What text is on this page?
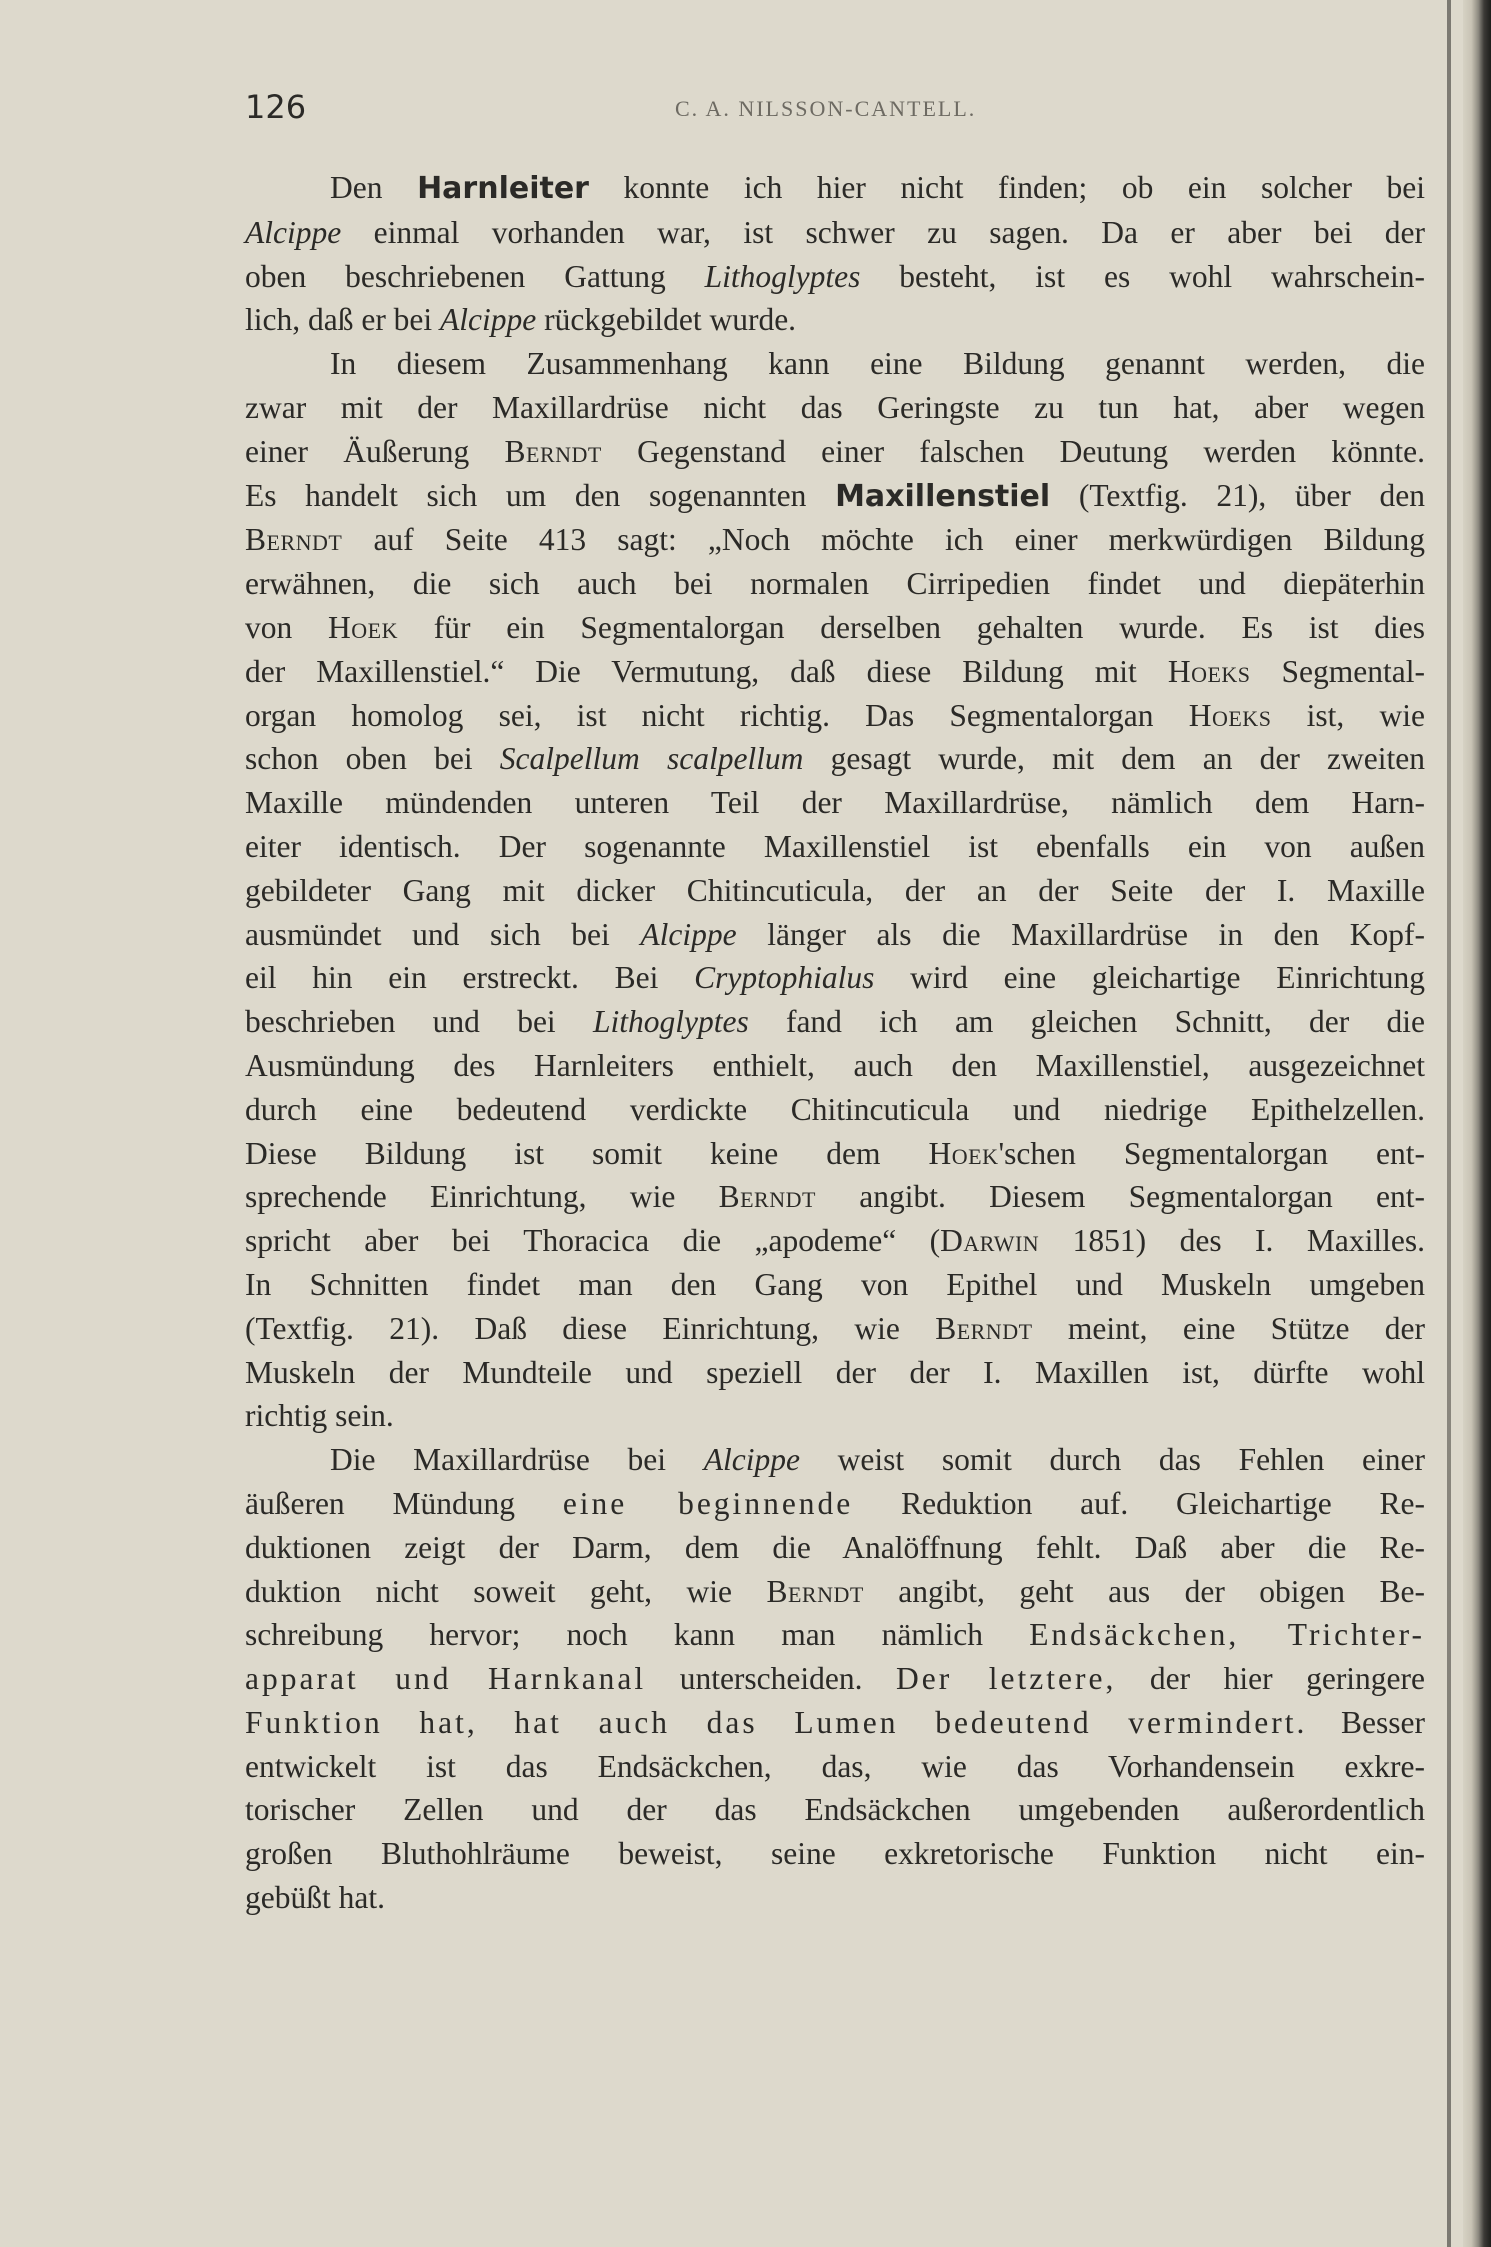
126	C. A. NILSSON-CANTELL.
Den Harnleiter konnte ich hier nicht finden; ob ein solcher bei
Alcippe einmal vorhanden war, ist schwer zu sagen. Da er aber bei der
oben beschriebenen Gattung Lithoglyptes besteht, ist es wohl wahrschein-
lich, daß er bei Alcippe rückgebildet wurde.
In diesem Zusammenhang kann eine Bildung genannt werden, die
zwar mit der Maxillardrüse nicht das Geringste zu tun hat, aber wegen
einer Äußerung Berndt Gegenstand einer falschen Deutung werden könnte.
Es handelt sich um den sogenannten Maxillenstiel (Textfig. 21), über den
Berndt auf Seite 413 sagt: „Noch möchte ich einer merkwürdigen Bildung
erwähnen, die sich auch bei normalen Cirripedien findet und diepäterhin
von Hoek für ein Segmentalorgan derselben gehalten wurde. Es ist dies
der Maxillenstiel.“ Die Vermutung, daß diese Bildung mit Hoeks Segmental-
organ homolog sei, ist nicht richtig. Das Segmentalorgan Hoeks ist, wie
schon oben bei Scalpellum scalpellum gesagt wurde, mit dem an der zweiten
Maxille mündenden unteren Teil der Maxillardrüse, nämlich dem Harn-
eiter identisch. Der sogenannte Maxillenstiel ist ebenfalls ein von außen
gebildeter Gang mit dicker Chitincuticula, der an der Seite der I. Maxille
ausmündet und sich bei Alcippe länger als die Maxillardrüse in den Kopf-
eil hin ein erstreckt. Bei Cryptophialus wird eine gleichartige Einrichtung
beschrieben und bei Lithoglyptes fand ich am gleichen Schnitt, der die
Ausmündung des Harnleiters enthielt, auch den Maxillenstiel, ausgezeichnet
durch eine bedeutend verdickte Chitincuticula und niedrige Epithelzellen.
Diese Bildung ist somit keine dem Hoek'schen Segmentalorgan ent-
sprechende Einrichtung, wie Berndt angibt. Diesem Segmentalorgan ent-
spricht aber bei Thoracica die „apodeme“ (Darwin 1851) des I. Maxilles.
In Schnitten findet man den Gang von Epithel und Muskeln umgeben
(Textfig. 21). Daß diese Einrichtung, wie Berndt meint, eine Stütze der
Muskeln der Mundteile und speziell der der I. Maxillen ist, dürfte wohl
richtig sein.
Die Maxillardrüse bei Alcippe weist somit durch das Fehlen einer
äußeren Mündung eine beginnende Reduktion auf. Gleichartige Re-
duktionen zeigt der Darm, dem die Analöffnung fehlt. Daß aber die Re-
duktion nicht soweit geht, wie Berndt angibt, geht aus der obigen Be-
schreibung hervor; noch kann man nämlich Endsäckchen, Trichter-
apparat und Harnkanal unterscheiden. Der letztere, der hier geringere
Funktion hat, hat auch das Lumen bedeutend vermindert. Besser
entwickelt ist das Endsäckchen, das, wie das Vorhandensein exkre-
torischer Zellen und der das Endsäckchen umgebenden außerordentlich
großen Bluthohlräume beweist, seine exkretorische Funktion nicht ein-
gebüßt hat.
